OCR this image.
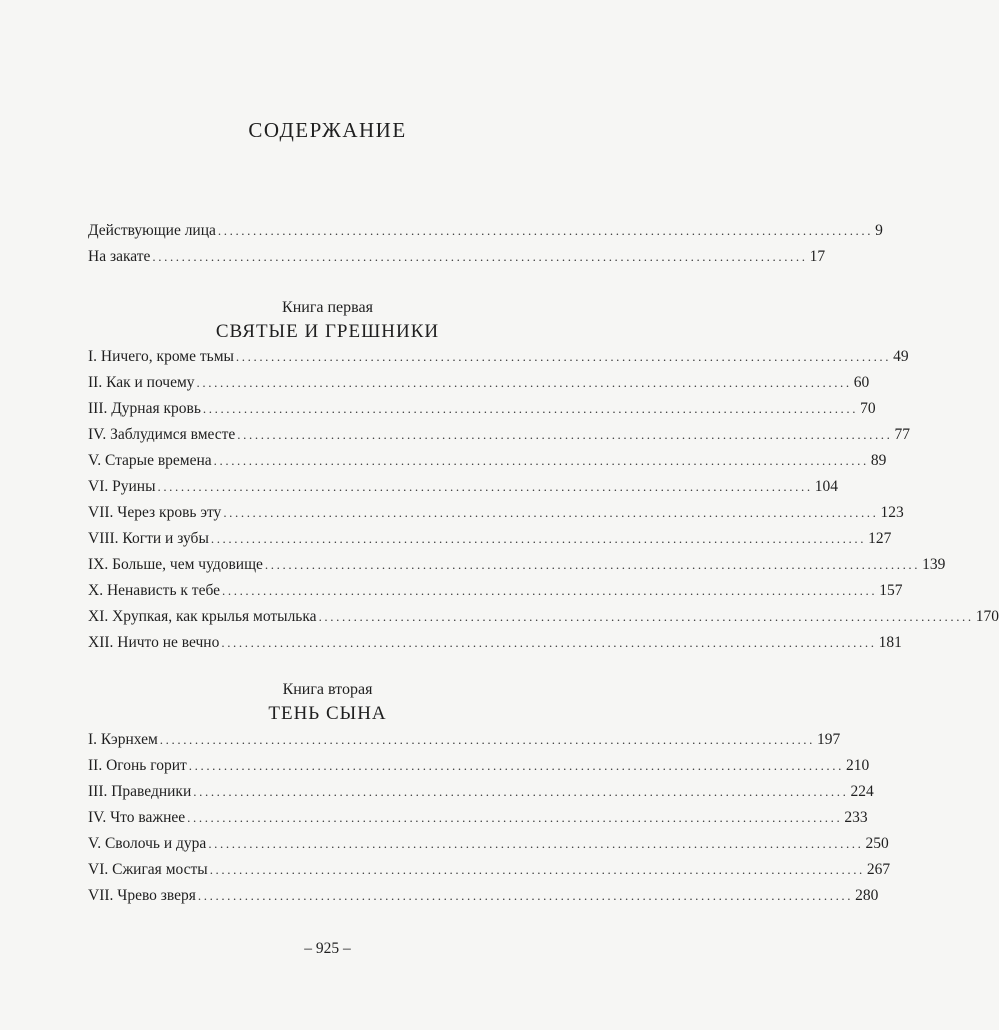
СОДЕРЖАНИЕ
Действующие лица ................................................................................................................ 9
На закате ................................................................................................................ 17
Книга первая
СВЯТЫЕ И ГРЕШНИКИ
I. Ничего, кроме тьмы ................................................................................................................ 49
II. Как и почему ................................................................................................................ 60
III. Дурная кровь ................................................................................................................ 70
IV. Заблудимся вместе ................................................................................................................ 77
V. Старые времена ................................................................................................................ 89
VI. Руины ................................................................................................................ 104
VII. Через кровь эту ................................................................................................................ 123
VIII. Когти и зубы ................................................................................................................ 127
IX. Больше, чем чудовище ................................................................................................................ 139
X. Ненависть к тебе ................................................................................................................ 157
XI. Хрупкая, как крылья мотылька ................................................................................................................ 170
XII. Ничто не вечно ................................................................................................................ 181
Книга вторая
ТЕНЬ СЫНА
I. Кэрнхем ................................................................................................................ 197
II. Огонь горит ................................................................................................................ 210
III. Праведники ................................................................................................................ 224
IV. Что важнее ................................................................................................................ 233
V. Сволочь и дура ................................................................................................................ 250
VI. Сжигая мосты ................................................................................................................ 267
VII. Чрево зверя ................................................................................................................ 280
– 925 –
